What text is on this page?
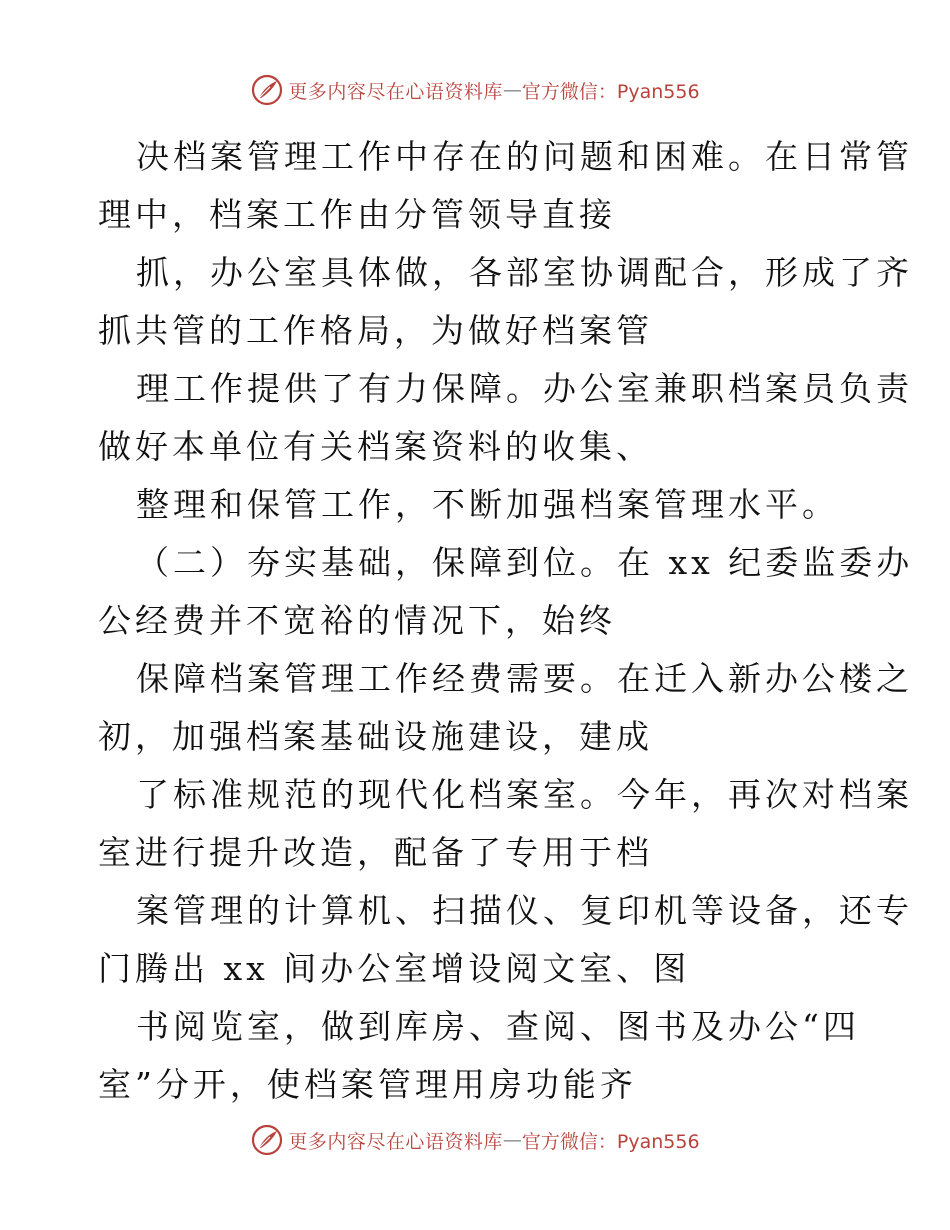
更多内容尽在心语资料库 — 官方微信：Pyan556
决档案管理工作中存在的问题和困难。在日常管
理中，档案工作由分管领导直接
抓，办公室具体做，各部室协调配合，形成了齐
抓共管的工作格局，为做好档案管
理工作提供了有力保障。办公室兼职档案员负责
做好本单位有关档案资料的收集、
整理和保管工作，不断加强档案管理水平。
（二）夯实基础，保障到位。在 xx 纪委监委办
公经费并不宽裕的情况下，始终
保障档案管理工作经费需要。在迁入新办公楼之
初，加强档案基础设施建设，建成
了标准规范的现代化档案室。今年，再次对档案
室进行提升改造，配备了专用于档
案管理的计算机、扫描仪、复印机等设备，还专
门腾出 xx 间办公室增设阅文室、图
书阅览室，做到库房、查阅、图书及办公“四
室”分开，使档案管理用房功能齐
更多内容尽在心语资料库 — 官方微信：Pyan556
